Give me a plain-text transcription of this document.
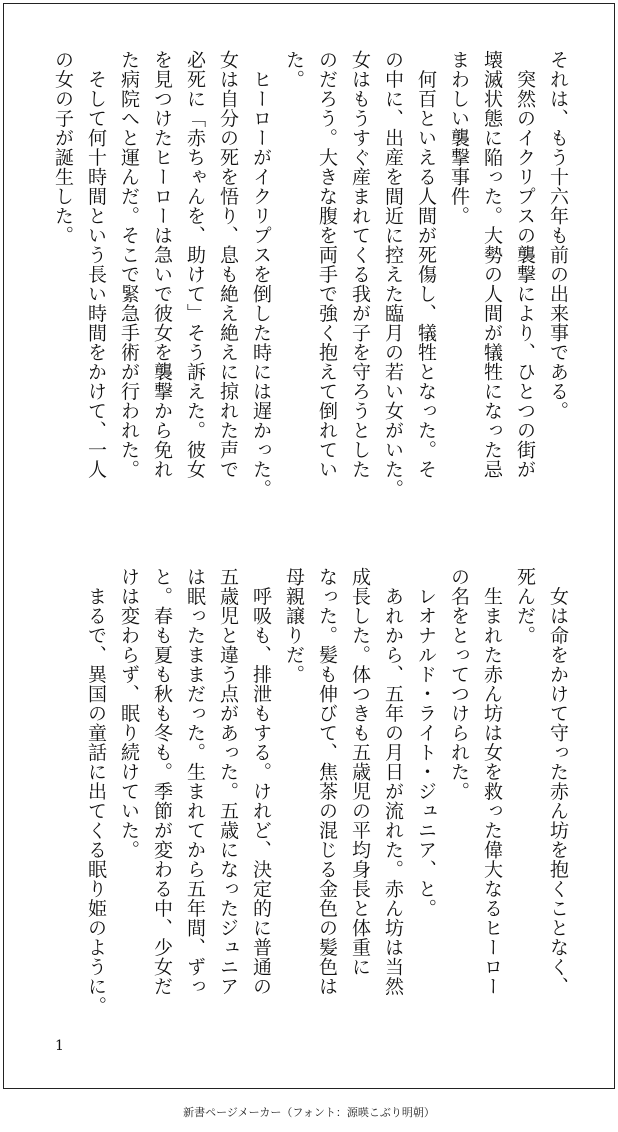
それは、もう十六年も前の出来事である。
　突然のイクリプスの襲撃により、ひとつの街が
壊滅状態に陥った。大勢の人間が犠牲になった忌
まわしい襲撃事件。
　何百といえる人間が死傷し、犠牲となった。そ
の中に、出産を間近に控えた臨月の若い女がいた。
女はもうすぐ産まれてくる我が子を守ろうとした
のだろう。大きな腹を両手で強く抱えて倒れてい
た。
　ヒーローがイクリプスを倒した時には遅かった。
女は自分の死を悟り、息も絶え絶えに掠れた声で
必死に「赤ちゃんを、助けて」そう訴えた。彼女
を見つけたヒーローは急いで彼女を襲撃から免れ
た病院へと運んだ。そこで緊急手術が行われた。
　そして何十時間という長い時間をかけて、一人
の女の子が誕生した。
　女は命をかけて守った赤ん坊を抱くことなく、
死んだ。
　生まれた赤ん坊は女を救った偉大なるヒーロー
の名をとってつけられた。
　レオナルド・ライト・ジュニア、と。
　あれから、五年の月日が流れた。赤ん坊は当然
成長した。体つきも五歳児の平均身長と体重に
なった。髪も伸びて、焦茶の混じる金色の髪色は
母親譲りだ。
　呼吸も、排泄もする。けれど、決定的に普通の
五歳児と違う点があった。五歳になったジュニア
は眠ったままだった。生まれてから五年間、ずっ
と。春も夏も秋も冬も。季節が変わる中、少女だ
けは変わらず、眠り続けていた。
　まるで、異国の童話に出てくる眠り姫のように。
1
新書ページメーカー（フォント：源暎こぶり明朝）
